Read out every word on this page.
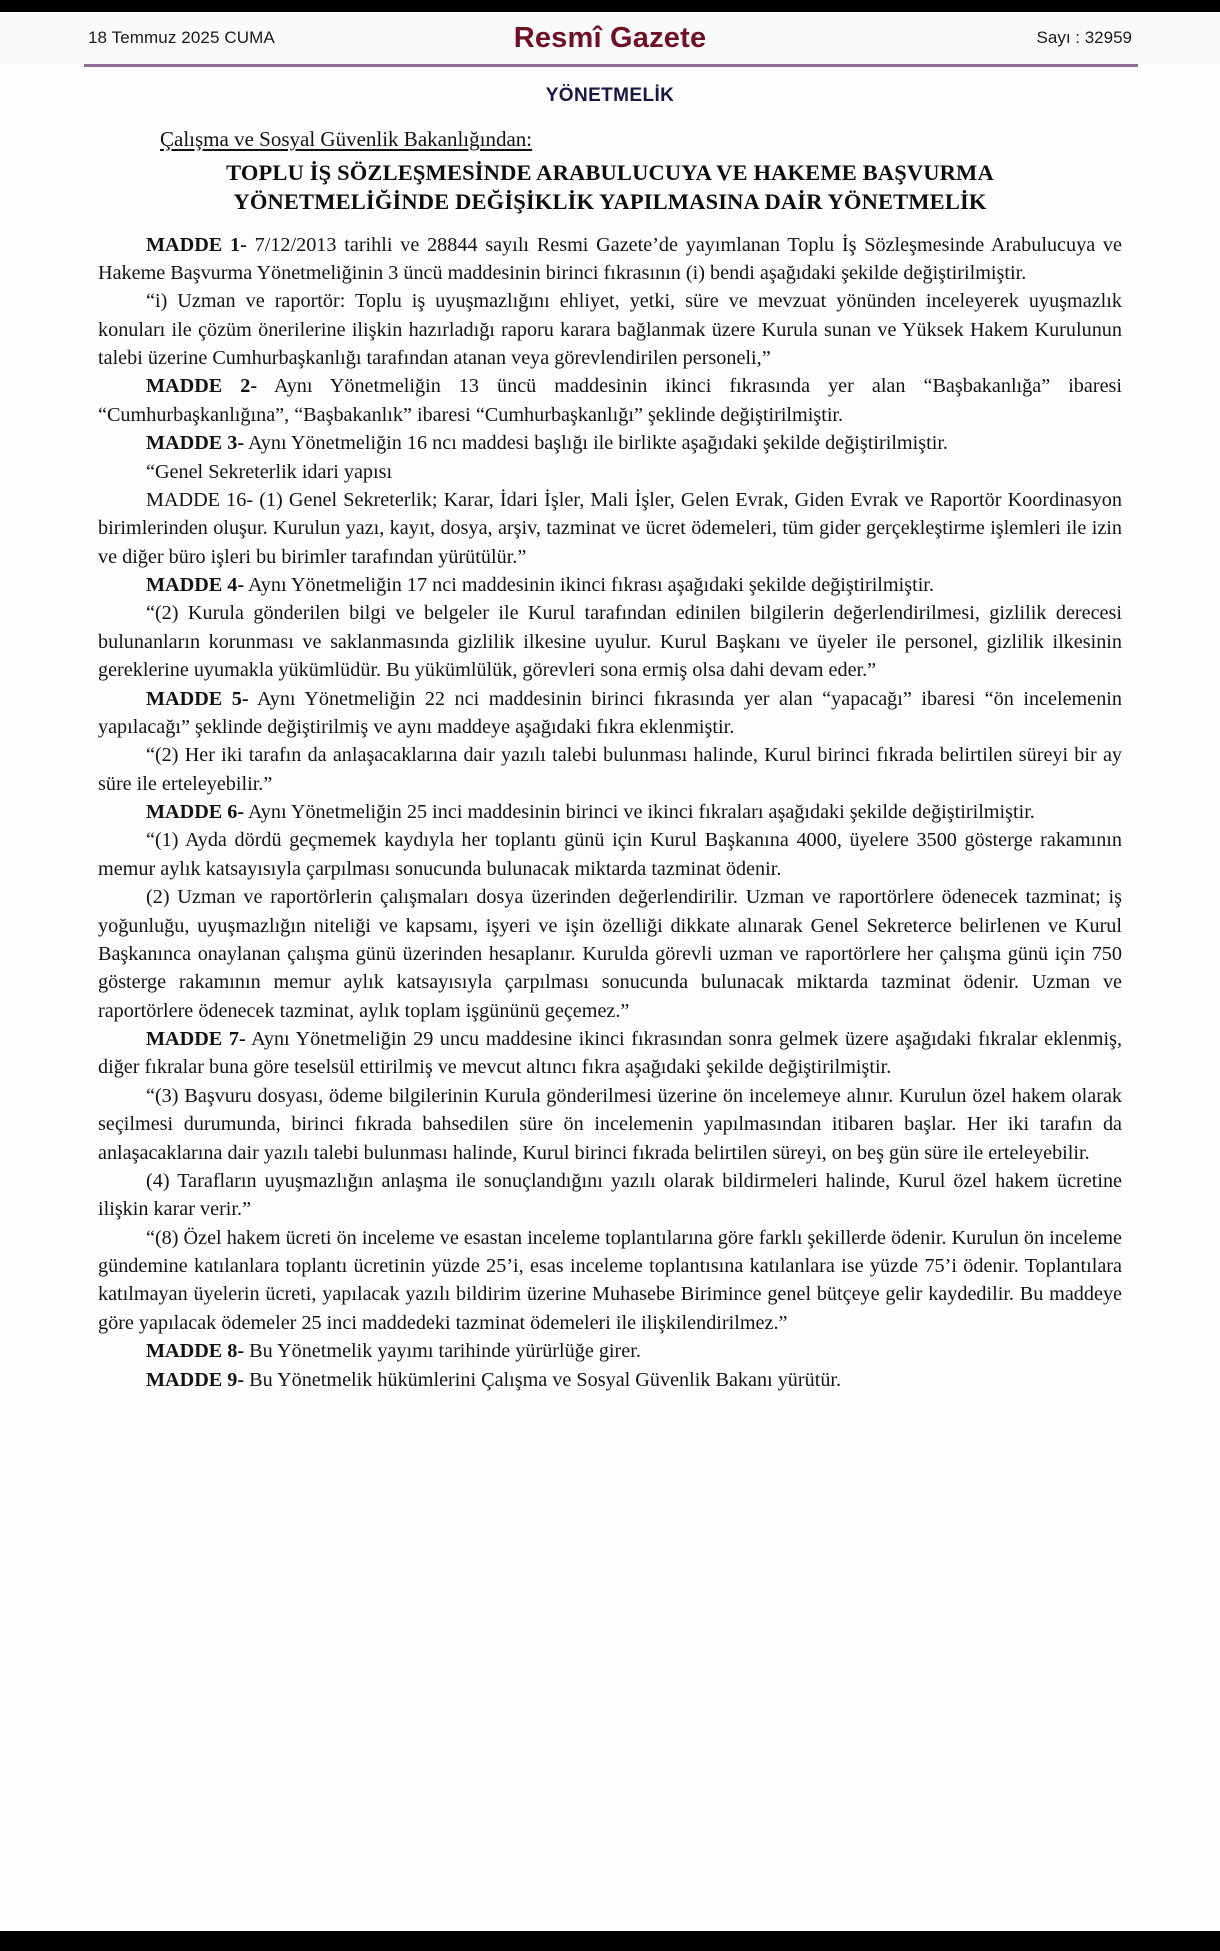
18 Temmuz 2025 CUMA	Resmî Gazete	Sayı : 32959
YÖNETMELİK
Çalışma ve Sosyal Güvenlik Bakanlığından:
TOPLU İŞ SÖZLEŞMESİNDE ARABULUCUYA VE HAKEME BAŞVURMA
YÖNETMELİĞİNDE DEĞİŞİKLİK YAPILMASINA DAİR YÖNETMELİK

MADDE 1- 7/12/2013 tarihli ve 28844 sayılı Resmi Gazete’de yayımlanan Toplu İş Sözleşmesinde Arabulucuya ve Hakeme Başvurma Yönetmeliğinin 3 üncü maddesinin birinci fıkrasının (i) bendi aşağıdaki şekilde değiştirilmiştir.

“i) Uzman ve raportör: Toplu iş uyuşmazlığını ehliyet, yetki, süre ve mevzuat yönünden inceleyerek uyuşmazlık konuları ile çözüm önerilerine ilişkin hazırladığı raporu karara bağlanmak üzere Kurula sunan ve Yüksek Hakem Kurulunun talebi üzerine Cumhurbaşkanlığı tarafından atanan veya görevlendirilen personeli,”

MADDE 2- Aynı Yönetmeliğin 13 üncü maddesinin ikinci fıkrasında yer alan “Başbakanlığa” ibaresi “Cumhurbaşkanlığına”, “Başbakanlık” ibaresi “Cumhurbaşkanlığı” şeklinde değiştirilmiştir.

MADDE 3- Aynı Yönetmeliğin 16 ncı maddesi başlığı ile birlikte aşağıdaki şekilde değiştirilmiştir.

“Genel Sekreterlik idari yapısı

MADDE 16- (1) Genel Sekreterlik; Karar, İdari İşler, Mali İşler, Gelen Evrak, Giden Evrak ve Raportör Koordinasyon birimlerinden oluşur. Kurulun yazı, kayıt, dosya, arşiv, tazminat ve ücret ödemeleri, tüm gider gerçekleştirme işlemleri ile izin ve diğer büro işleri bu birimler tarafından yürütülür.”

MADDE 4- Aynı Yönetmeliğin 17 nci maddesinin ikinci fıkrası aşağıdaki şekilde değiştirilmiştir.

“(2) Kurula gönderilen bilgi ve belgeler ile Kurul tarafından edinilen bilgilerin değerlendirilmesi, gizlilik derecesi bulunanların korunması ve saklanmasında gizlilik ilkesine uyulur. Kurul Başkanı ve üyeler ile personel, gizlilik ilkesinin gereklerine uyumakla yükümlüdür. Bu yükümlülük, görevleri sona ermiş olsa dahi devam eder.”

MADDE 5- Aynı Yönetmeliğin 22 nci maddesinin birinci fıkrasında yer alan “yapacağı” ibaresi “ön incelemenin yapılacağı” şeklinde değiştirilmiş ve aynı maddeye aşağıdaki fıkra eklenmiştir.

“(2) Her iki tarafın da anlaşacaklarına dair yazılı talebi bulunması halinde, Kurul birinci fıkrada belirtilen süreyi bir ay süre ile erteleyebilir.”

MADDE 6- Aynı Yönetmeliğin 25 inci maddesinin birinci ve ikinci fıkraları aşağıdaki şekilde değiştirilmiştir.

“(1) Ayda dördü geçmemek kaydıyla her toplantı günü için Kurul Başkanına 4000, üyelere 3500 gösterge rakamının memur aylık katsayısıyla çarpılması sonucunda bulunacak miktarda tazminat ödenir.

(2) Uzman ve raportörlerin çalışmaları dosya üzerinden değerlendirilir. Uzman ve raportörlere ödenecek tazminat; iş yoğunluğu, uyuşmazlığın niteliği ve kapsamı, işyeri ve işin özelliği dikkate alınarak Genel Sekreterce belirlenen ve Kurul Başkanınca onaylanan çalışma günü üzerinden hesaplanır. Kurulda görevli uzman ve raportörlere her çalışma günü için 750 gösterge rakamının memur aylık katsayısıyla çarpılması sonucunda bulunacak miktarda tazminat ödenir. Uzman ve raportörlere ödenecek tazminat, aylık toplam işgününü geçemez.”

MADDE 7- Aynı Yönetmeliğin 29 uncu maddesine ikinci fıkrasından sonra gelmek üzere aşağıdaki fıkralar eklenmiş, diğer fıkralar buna göre teselsül ettirilmiş ve mevcut altıncı fıkra aşağıdaki şekilde değiştirilmiştir.

“(3) Başvuru dosyası, ödeme bilgilerinin Kurula gönderilmesi üzerine ön incelemeye alınır. Kurulun özel hakem olarak seçilmesi durumunda, birinci fıkrada bahsedilen süre ön incelemenin yapılmasından itibaren başlar. Her iki tarafın da anlaşacaklarına dair yazılı talebi bulunması halinde, Kurul birinci fıkrada belirtilen süreyi, on beş gün süre ile erteleyebilir.

(4) Tarafların uyuşmazlığın anlaşma ile sonuçlandığını yazılı olarak bildirmeleri halinde, Kurul özel hakem ücretine ilişkin karar verir.”

“(8) Özel hakem ücreti ön inceleme ve esastan inceleme toplantılarına göre farklı şekillerde ödenir. Kurulun ön inceleme gündemine katılanlara toplantı ücretinin yüzde 25’i, esas inceleme toplantısına katılanlara ise yüzde 75’i ödenir. Toplantılara katılmayan üyelerin ücreti, yapılacak yazılı bildirim üzerine Muhasebe Birimince genel bütçeye gelir kaydedilir. Bu maddeye göre yapılacak ödemeler 25 inci maddedeki tazminat ödemeleri ile ilişkilendirilmez.”

MADDE 8- Bu Yönetmelik yayımı tarihinde yürürlüğe girer.

MADDE 9- Bu Yönetmelik hükümlerini Çalışma ve Sosyal Güvenlik Bakanı yürütür.
